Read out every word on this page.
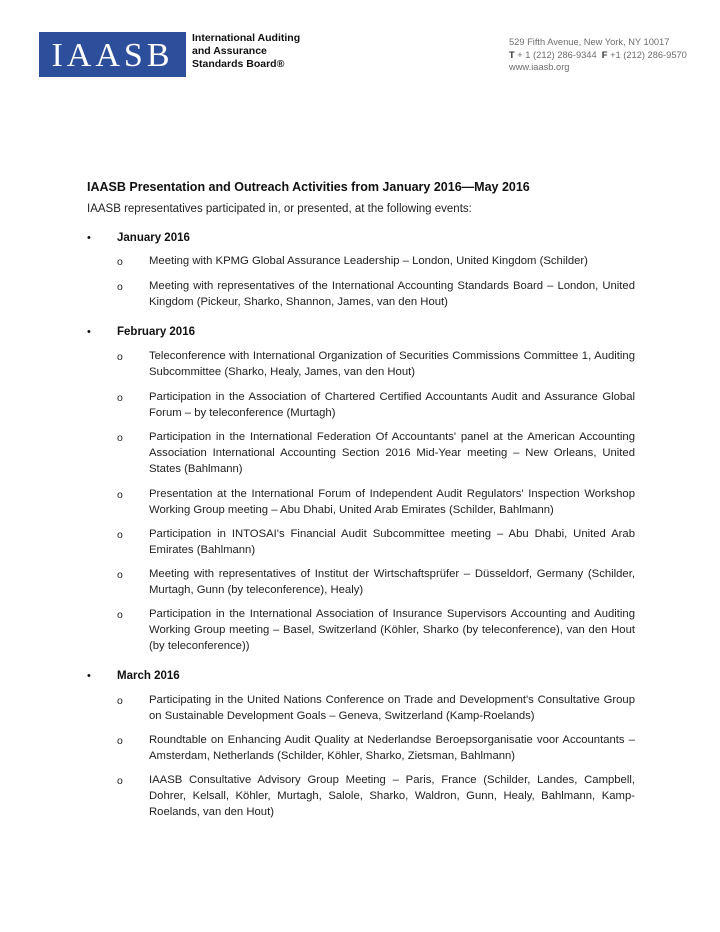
IAASB	International Auditing
and Assurance
Standards Board®
529 Fifth Avenue, New York, NY 10017
T + 1 (212) 286-9344 F +1 (212) 286-9570
www.iaasb.org
IAASB Presentation and Outreach Activities from January 2016—May 2016
IAASB representatives participated in, or presented, at the following events:
• January 2016
o Meeting with KPMG Global Assurance Leadership – London, United Kingdom (Schilder)
o Meeting with representatives of the International Accounting Standards Board – London, United Kingdom (Pickeur, Sharko, Shannon, James, van den Hout)
• February 2016
o Teleconference with International Organization of Securities Commissions Committee 1, Auditing Subcommittee (Sharko, Healy, James, van den Hout)
o Participation in the Association of Chartered Certified Accountants Audit and Assurance Global Forum – by teleconference (Murtagh)
o Participation in the International Federation Of Accountants' panel at the American Accounting Association International Accounting Section 2016 Mid-Year meeting – New Orleans, United States (Bahlmann)
o Presentation at the International Forum of Independent Audit Regulators' Inspection Workshop Working Group meeting – Abu Dhabi, United Arab Emirates (Schilder, Bahlmann)
o Participation in INTOSAI's Financial Audit Subcommittee meeting – Abu Dhabi, United Arab Emirates (Bahlmann)
o Meeting with representatives of Institut der Wirtschaftsprüfer – Düsseldorf, Germany (Schilder, Murtagh, Gunn (by teleconference), Healy)
o Participation in the International Association of Insurance Supervisors Accounting and Auditing Working Group meeting – Basel, Switzerland (Köhler, Sharko (by teleconference), van den Hout (by teleconference))
• March 2016
o Participating in the United Nations Conference on Trade and Development's Consultative Group on Sustainable Development Goals – Geneva, Switzerland (Kamp-Roelands)
o Roundtable on Enhancing Audit Quality at Nederlandse Beroepsorganisatie voor Accountants – Amsterdam, Netherlands (Schilder, Köhler, Sharko, Zietsman, Bahlmann)
o IAASB Consultative Advisory Group Meeting – Paris, France (Schilder, Landes, Campbell, Dohrer, Kelsall, Köhler, Murtagh, Salole, Sharko, Waldron, Gunn, Healy, Bahlmann, Kamp-Roelands, van den Hout)
